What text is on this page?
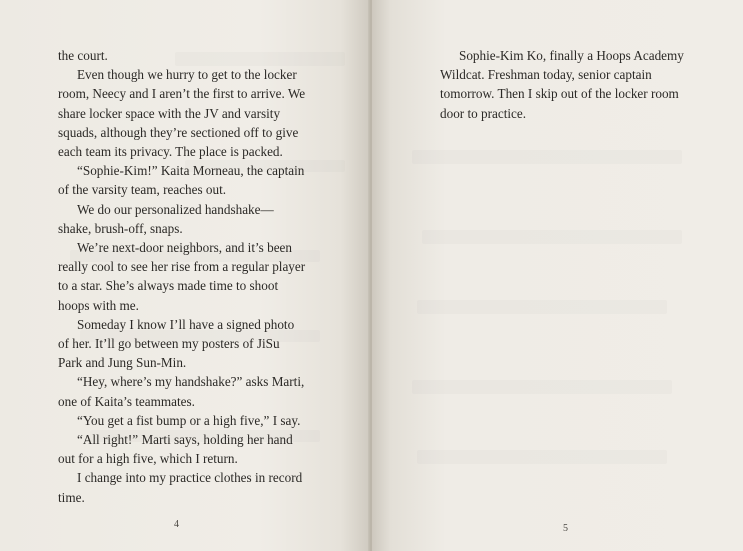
the court.

Even though we hurry to get to the locker room, Neecy and I aren’t the first to arrive. We share locker space with the JV and varsity squads, although they’re sectioned off to give each team its privacy. The place is packed.

“Sophie-Kim!” Kaita Morneau, the captain of the varsity team, reaches out.

We do our personalized handshake—shake, brush-off, snaps.

We’re next-door neighbors, and it’s been really cool to see her rise from a regular player to a star. She’s always made time to shoot hoops with me.

Someday I know I’ll have a signed photo of her. It’ll go between my posters of JiSu Park and Jung Sun-Min.

“Hey, where’s my handshake?” asks Marti, one of Kaita’s teammates.

“You get a fist bump or a high five,” I say.

“All right!” Marti says, holding her hand out for a high five, which I return.

I change into my practice clothes in record time.

Sophie-Kim Ko, finally a Hoops Academy Wildcat. Freshman today, senior captain tomorrow. Then I skip out of the locker room door to practice.

4	5
